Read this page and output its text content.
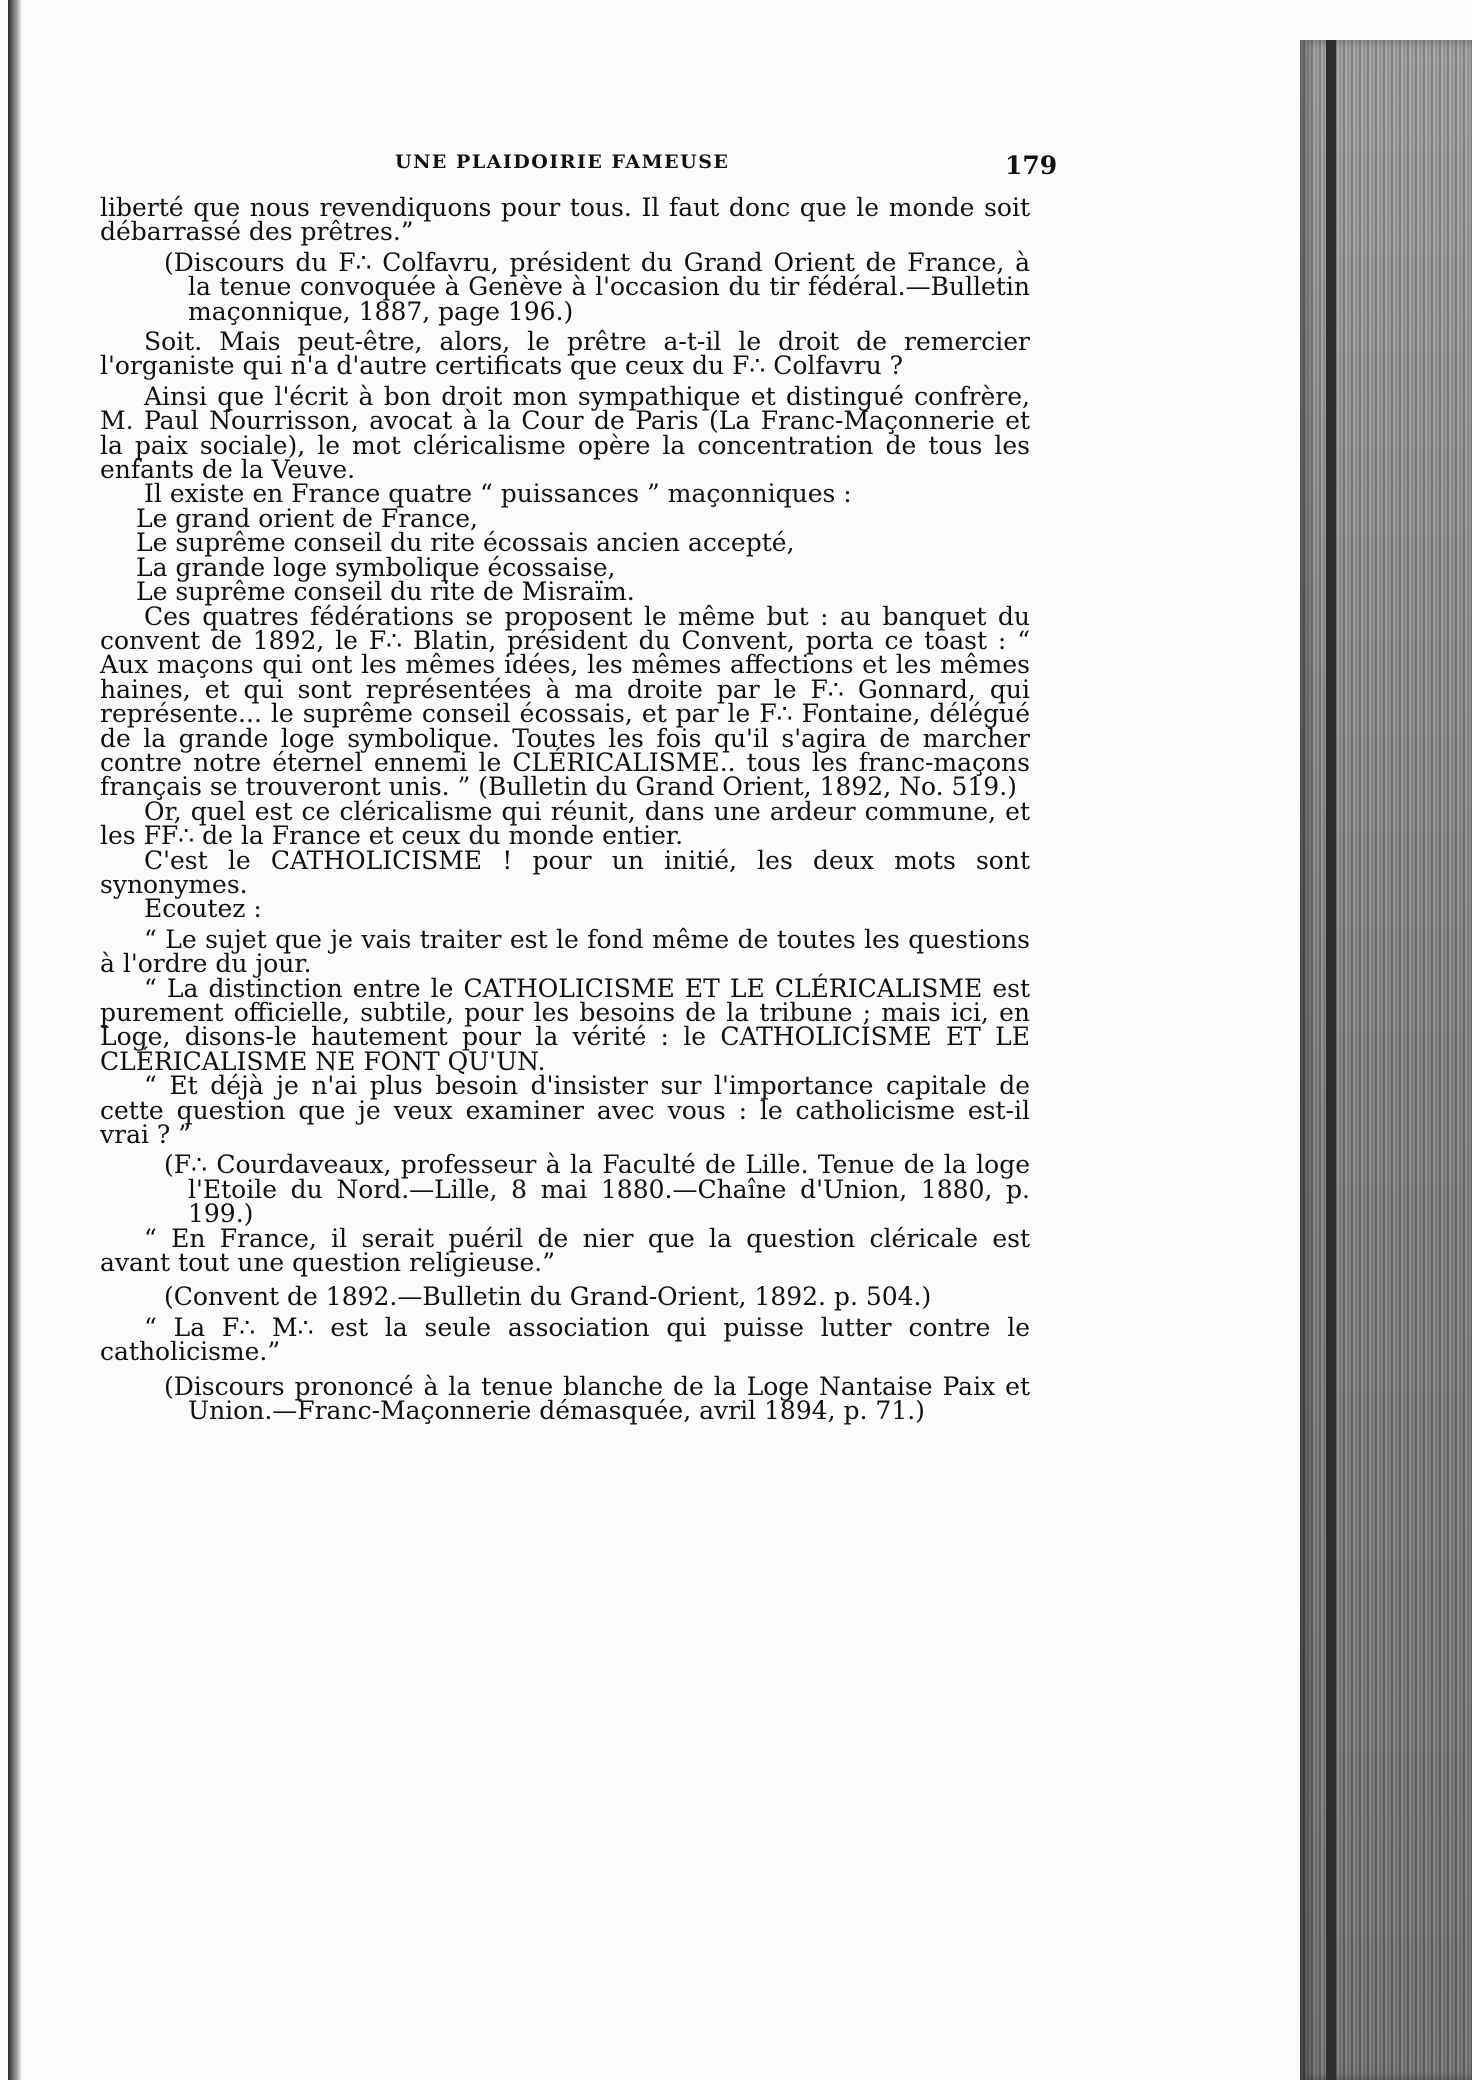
UNE PLAIDOIRIE FAMEUSE	179

liberté que nous revendiquons pour tous. Il faut donc que le monde soit débarrassé des prêtres.”

(Discours du F∴ Colfavru, président du Grand Orient de France, à la tenue convoquée à Genève à l'occasion du tir fédéral.—Bulletin maçonnique, 1887, page 196.)

Soit. Mais peut-être, alors, le prêtre a-t-il le droit de remercier l'organiste qui n'a d'autre certificats que ceux du F∴ Colfavru ?

Ainsi que l'écrit à bon droit mon sympathique et distingué confrère, M. Paul Nourrisson, avocat à la Cour de Paris (La Franc-Maçonnerie et la paix sociale), le mot cléricalisme opère la concentration de tous les enfants de la Veuve.

Il existe en France quatre “ puissances ” maçonniques :

Le grand orient de France,

Le suprême conseil du rite écossais ancien accepté,

La grande loge symbolique écossaise,

Le suprême conseil du rite de Misraïm.

Ces quatres fédérations se proposent le même but : au banquet du convent de 1892, le F∴ Blatin, président du Convent, porta ce toast : “ Aux maçons qui ont les mêmes idées, les mêmes affections et les mêmes haines, et qui sont représentées à ma droite par le F∴ Gonnard, qui représente... le suprême conseil écossais, et par le F∴ Fontaine, délégué de la grande loge symbolique. Toutes les fois qu'il s'agira de marcher contre notre éternel ennemi le CLÉRICALISME.. tous les franc-maçons français se trouveront unis. ” (Bulletin du Grand Orient, 1892, No. 519.)

Or, quel est ce cléricalisme qui réunit, dans une ardeur commune, et les FF∴ de la France et ceux du monde entier.

C'est le CATHOLICISME ! pour un initié, les deux mots sont synonymes.

Ecoutez :

“ Le sujet que je vais traiter est le fond même de toutes les questions à l'ordre du jour.

“ La distinction entre le CATHOLICISME ET LE CLÉRICALISME est purement officielle, subtile, pour les besoins de la tribune ; mais ici, en Loge, disons-le hautement pour la vérité : le CATHOLICISME ET LE CLÉRICALISME NE FONT QU'UN.

“ Et déjà je n'ai plus besoin d'insister sur l'importance capitale de cette question que je veux examiner avec vous : le catholicisme est-il vrai ? ”

(F∴ Courdaveaux, professeur à la Faculté de Lille. Tenue de la loge l'Etoile du Nord.—Lille, 8 mai 1880.—Chaîne d'Union, 1880, p. 199.)

“ En France, il serait puéril de nier que la question cléricale est avant tout une question religieuse.”

(Convent de 1892.—Bulletin du Grand-Orient, 1892. p. 504.)

“ La F∴ M∴ est la seule association qui puisse lutter contre le catholicisme.”

(Discours prononcé à la tenue blanche de la Loge Nantaise Paix et Union.—Franc-Maçonnerie démasquée, avril 1894, p. 71.)
